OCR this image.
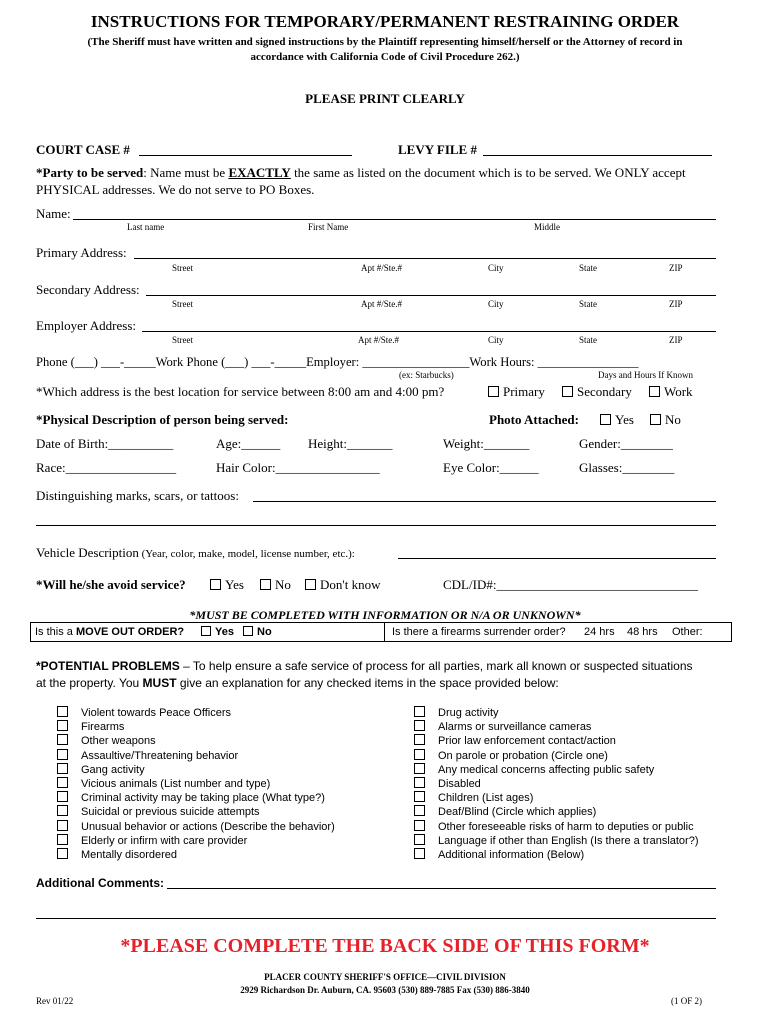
INSTRUCTIONS FOR TEMPORARY/PERMANENT RESTRAINING ORDER
(The Sheriff must have written and signed instructions by the Plaintiff representing himself/herself or the Attorney of record in
accordance with California Code of Civil Procedure 262.)
PLEASE PRINT CLEARLY
COURT CASE #	LEVY FILE #
*Party to be served: Name must be EXACTLY the same as listed on the document which is to be served. We ONLY accept
PHYSICAL addresses. We do not serve to PO Boxes.
Name:
Last name	First Name	Middle
Primary Address:
Street	Apt #/Ste.#	City	State	ZIP
Secondary Address:
Street	Apt #/Ste.#	City	State	ZIP
Employer Address:
Street	Apt #/Ste.#	City	State	ZIP
Phone (___) ___-_____Work Phone (___) ___-_____Employer: _________________Work Hours: ________________
(ex: Starbucks)	Days and Hours If Known
*Which address is the best location for service between 8:00 am and 4:00 pm?	Primary	Secondary	Work
*Physical Description of person being served:	Photo Attached:	Yes	No
Date of Birth:__________	Age:______ Height:_______	Weight:_______	Gender:________
Race:_________________	Hair Color:________________	Eye Color:______	Glasses:________
Distinguishing marks, scars, or tattoos:
Vehicle Description (Year, color, make, model, license number, etc.):
*Will he/she avoid service?	Yes	No	Don't know	CDL/ID#:_______________________________
*MUST BE COMPLETED WITH INFORMATION OR N/A OR UNKNOWN*
Is this a MOVE OUT ORDER?	Yes	No	Is there a firearms surrender order? 24 hrs 48 hrs Other:
*POTENTIAL PROBLEMS – To help ensure a safe service of process for all parties, mark all known or suspected situations
at the property. You MUST give an explanation for any checked items in the space provided below:
Violent towards Peace Officers
Firearms
Other weapons
Assaultive/Threatening behavior
Gang activity
Vicious animals (List number and type)
Criminal activity may be taking place (What type?)
Suicidal or previous suicide attempts
Unusual behavior or actions (Describe the behavior)
Elderly or infirm with care provider
Mentally disordered
Drug activity
Alarms or surveillance cameras
Prior law enforcement contact/action
On parole or probation (Circle one)
Any medical concerns affecting public safety
Disabled
Children (List ages)
Deaf/Blind (Circle which applies)
Other foreseeable risks of harm to deputies or public
Language if other than English (Is there a translator?)
Additional information (Below)
Additional Comments:
*PLEASE COMPLETE THE BACK SIDE OF THIS FORM*
PLACER COUNTY SHERIFF'S OFFICE—CIVIL DIVISION
2929 Richardson Dr. Auburn, CA. 95603 (530) 889-7885 Fax (530) 886-3840
Rev 01/22	(1 OF 2)
